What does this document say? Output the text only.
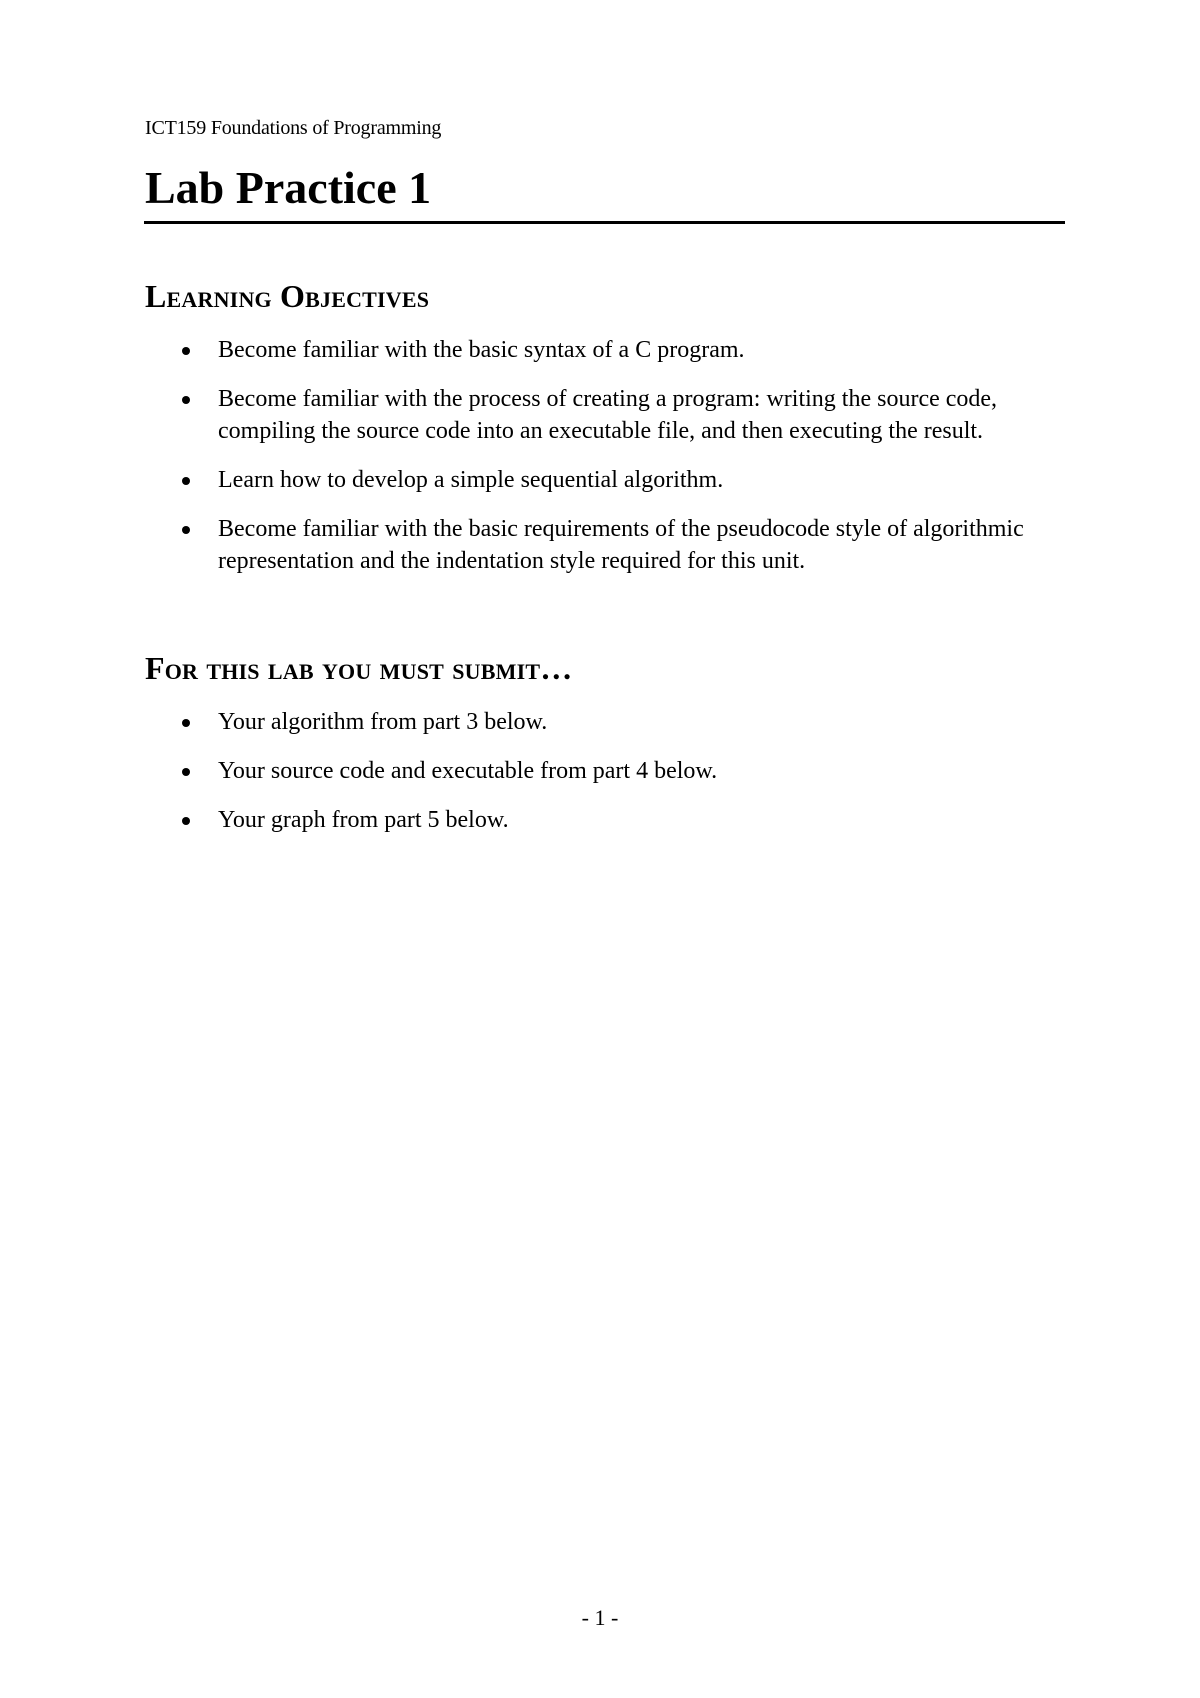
ICT159 Foundations of Programming
Lab Practice 1
Learning Objectives
Become familiar with the basic syntax of a C program.
Become familiar with the process of creating a program: writing the source code, compiling the source code into an executable file, and then executing the result.
Learn how to develop a simple sequential algorithm.
Become familiar with the basic requirements of the pseudocode style of algorithmic representation and the indentation style required for this unit.
For this lab you must submit…
Your algorithm from part 3 below.
Your source code and executable from part 4 below.
Your graph from part 5 below.
- 1 -
